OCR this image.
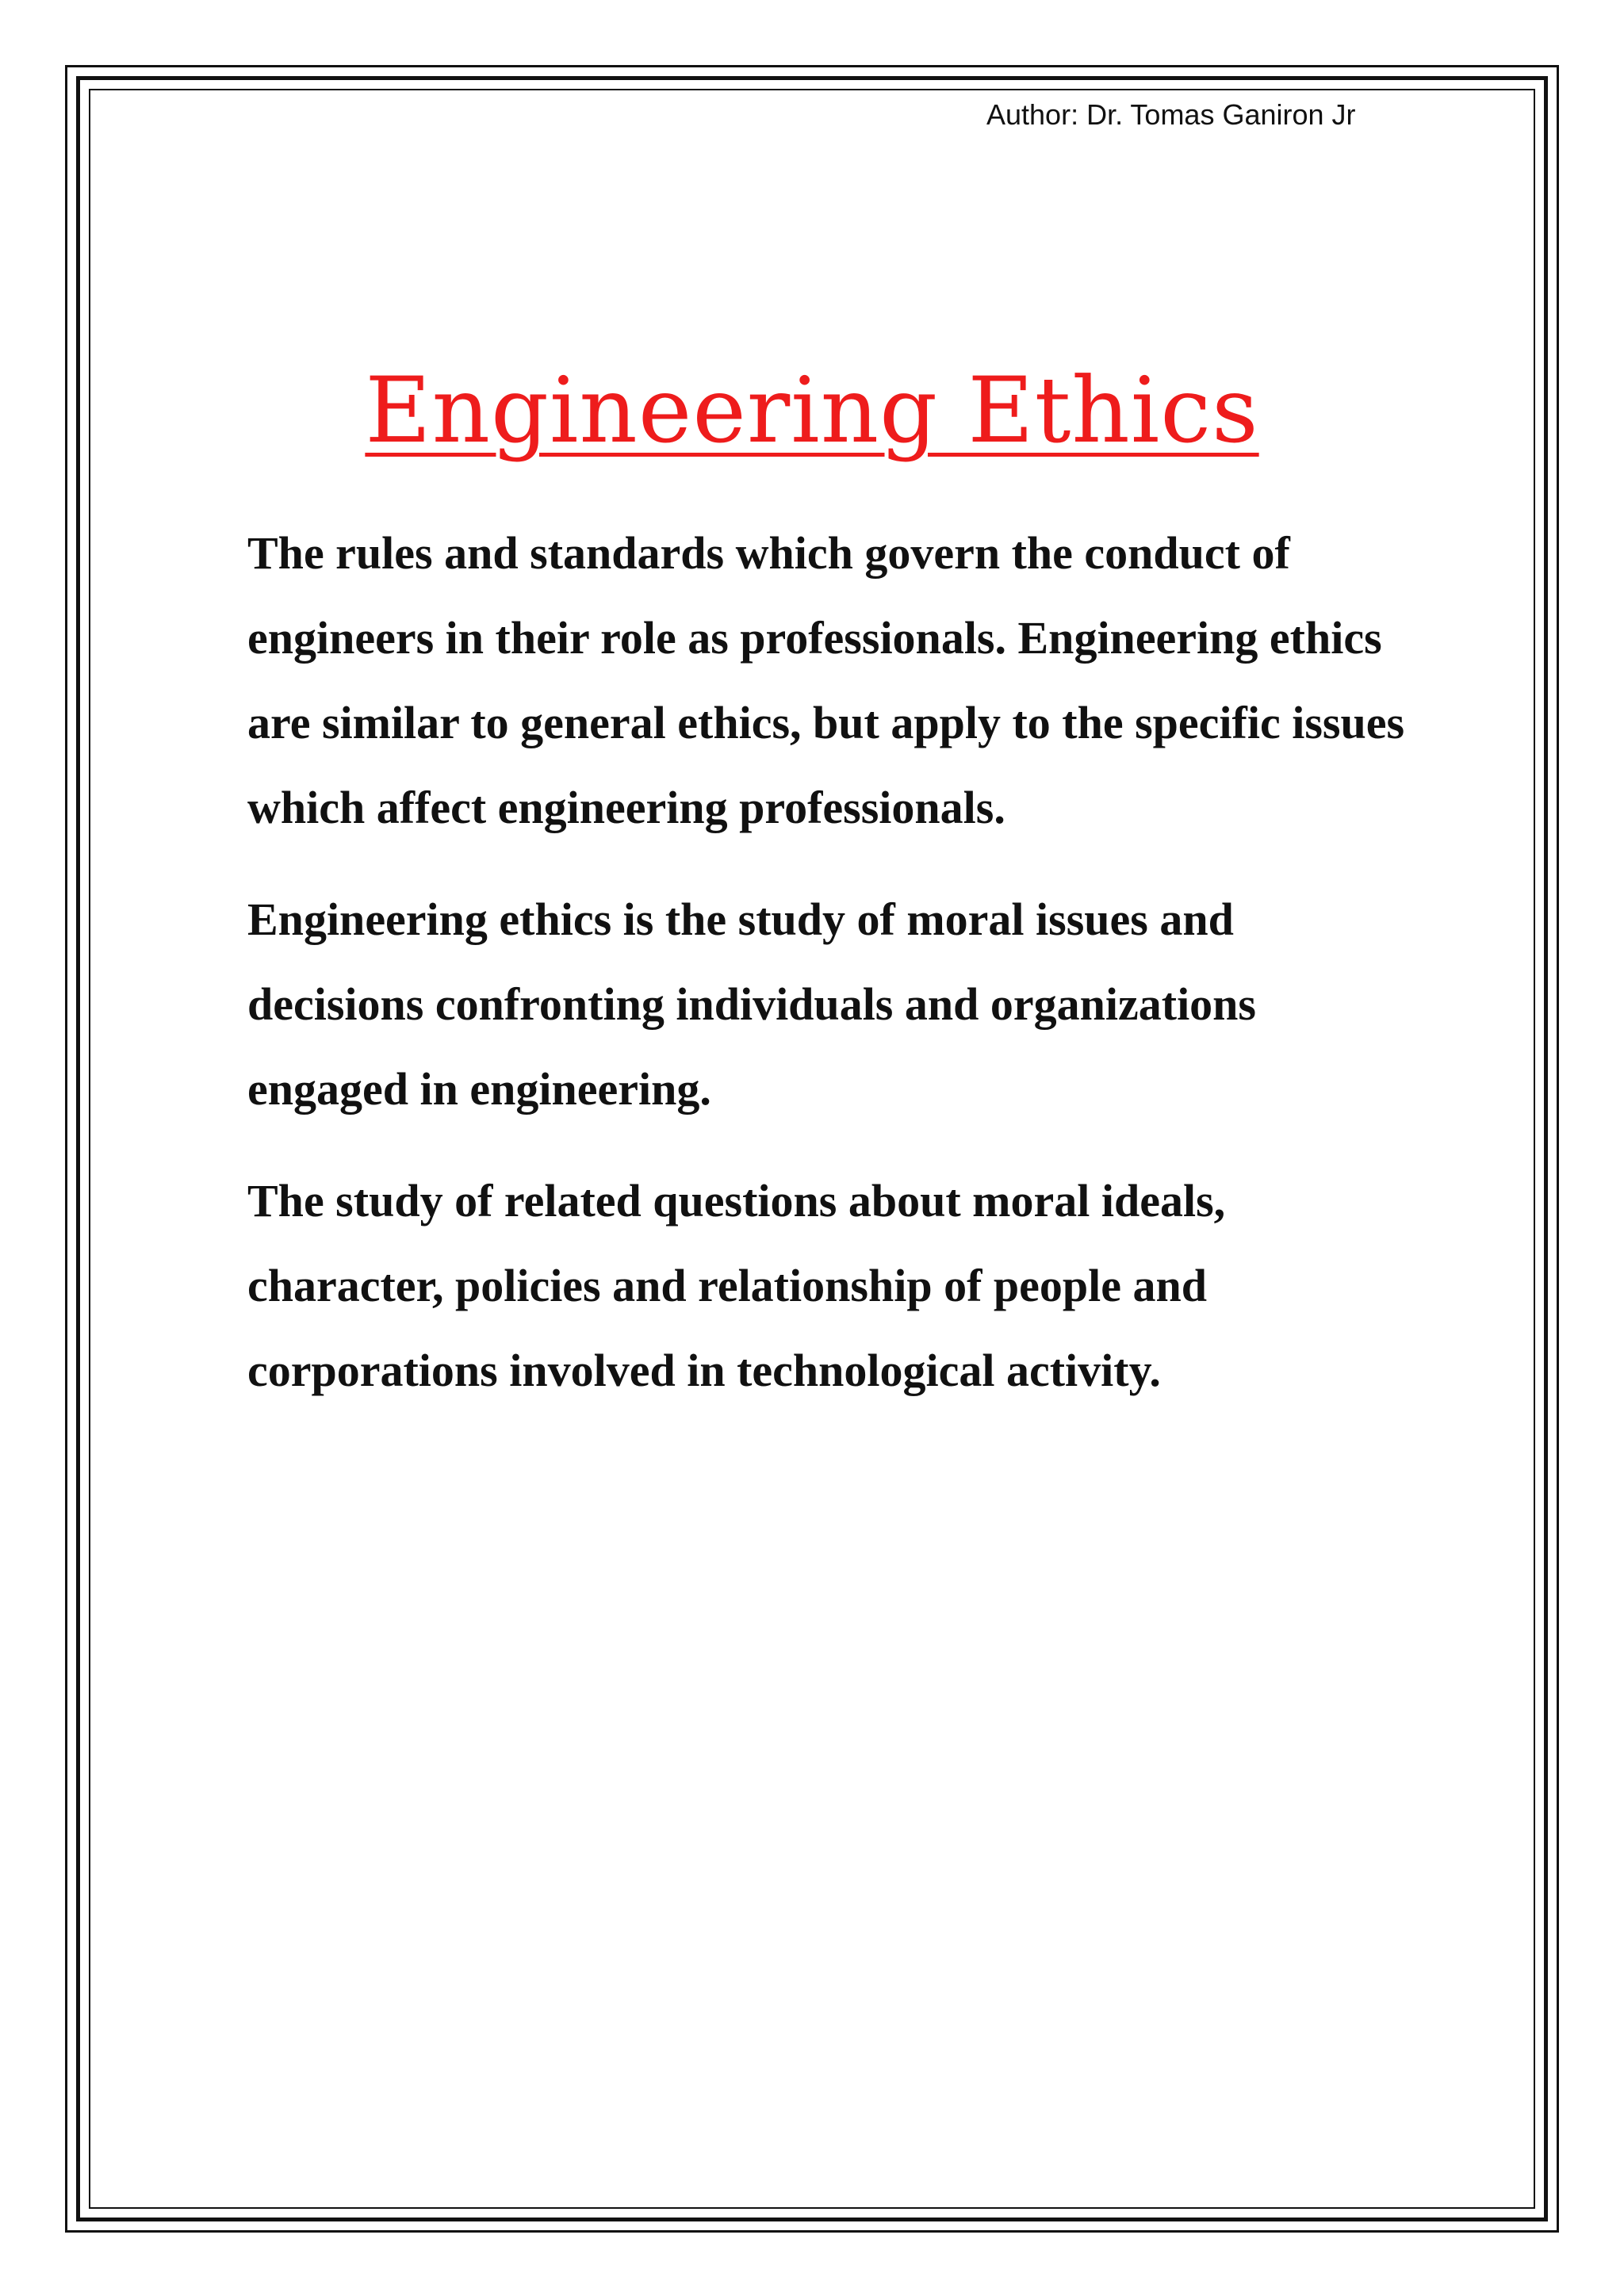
Author: Dr. Tomas Ganiron Jr
Engineering Ethics

The rules and standards which govern the conduct of engineers in their role as professionals. Engineering ethics are similar to general ethics, but apply to the specific issues which affect engineering professionals.

Engineering ethics is the study of moral issues and decisions confronting individuals and organizations engaged in engineering.

The study of related questions about moral ideals, character, policies and relationship of people and corporations involved in technological activity.
